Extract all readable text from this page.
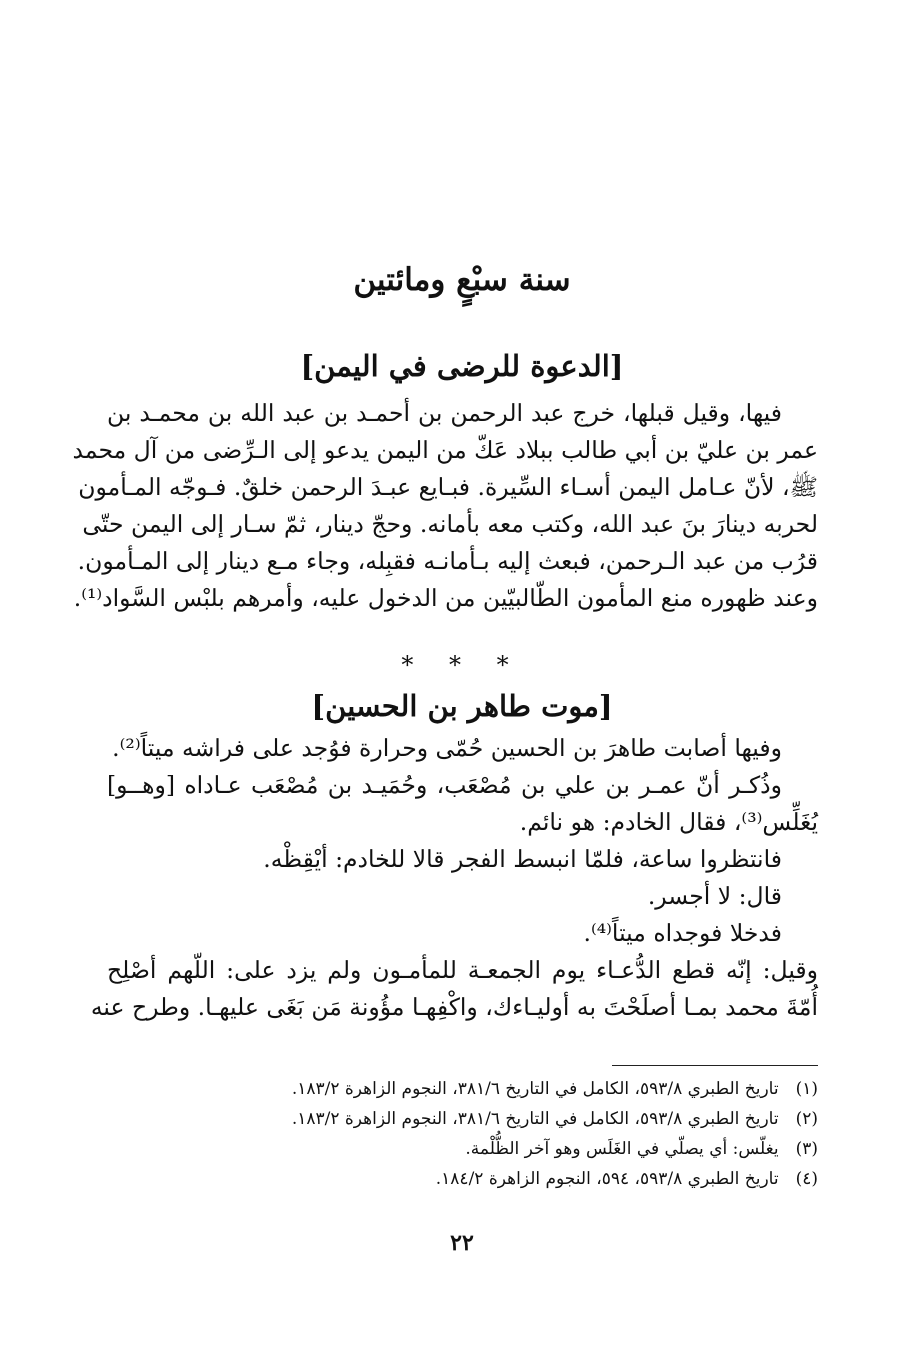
سنة سبْعٍ ومائتين
[الدعوة للرضى في اليمن]
فيها، وقيل قبلها، خرج عبد الرحمن بن أحمـد بن عبد الله بن محمـد بن
عمر بن عليّ بن أبي طالب ببلاد عَكّ من اليمن يدعو إلى الـرِّضى من آل محمد
ﷺ، لأنّ عـامل اليمن أسـاء السِّيرة. فبـايع عبـدَ الرحمن خلقٌ. فـوجّه المـأمون
لحربه دينارَ بنَ عبد الله، وكتب معه بأمانه. وحجّ دينار، ثمّ سـار إلى اليمن حتّى
قرُب من عبد الـرحمن، فبعث إليه بـأمانـه فقبِله، وجاء مـع دينار إلى المـأمون.
وعند ظهوره منع المأمون الطّالبيّين من الدخول عليه، وأمرهم بلبْس السَّواد⁽¹⁾.
* * *
[موت طاهر بن الحسين]
وفيها أصابت طاهرَ بن الحسين حُمّى وحرارة فوُجد على فراشه ميتاً⁽²⁾.
وذُكـر أنّ عمـر بن علي بن مُصْعَب، وحُمَيـد بن مُصْعَب عـاداه [وهــو]
يُغَلِّس⁽³⁾، فقال الخادم: هو نائم.
فانتظروا ساعة، فلمّا انبسط الفجر قالا للخادم: أيْقِظْه.
قال: لا أجسر.
فدخلا فوجداه ميتاً⁽⁴⁾.
وقيل: إنّه قطع الدُّعـاء يوم الجمعـة للمأمـون ولم يزد على: اللّهم أصْلِح
أُمّةَ محمد بمـا أصلَحْتَ به أوليـاءك، واكْفِهـا مؤُونة مَن بَغَى عليهـا. وطرح عنه
(١) تاريخ الطبري ٥٩٣/٨، الكامل في التاريخ ٣٨١/٦، النجوم الزاهرة ١٨٣/٢.
(٢) تاريخ الطبري ٥٩٣/٨، الكامل في التاريخ ٣٨١/٦، النجوم الزاهرة ١٨٣/٢.
(٣) يغلّس: أي يصلّي في الغَلَس وهو آخر الظُّلْمة.
(٤) تاريخ الطبري ٥٩٣/٨، ٥٩٤، النجوم الزاهرة ١٨٤/٢.
٢٢
